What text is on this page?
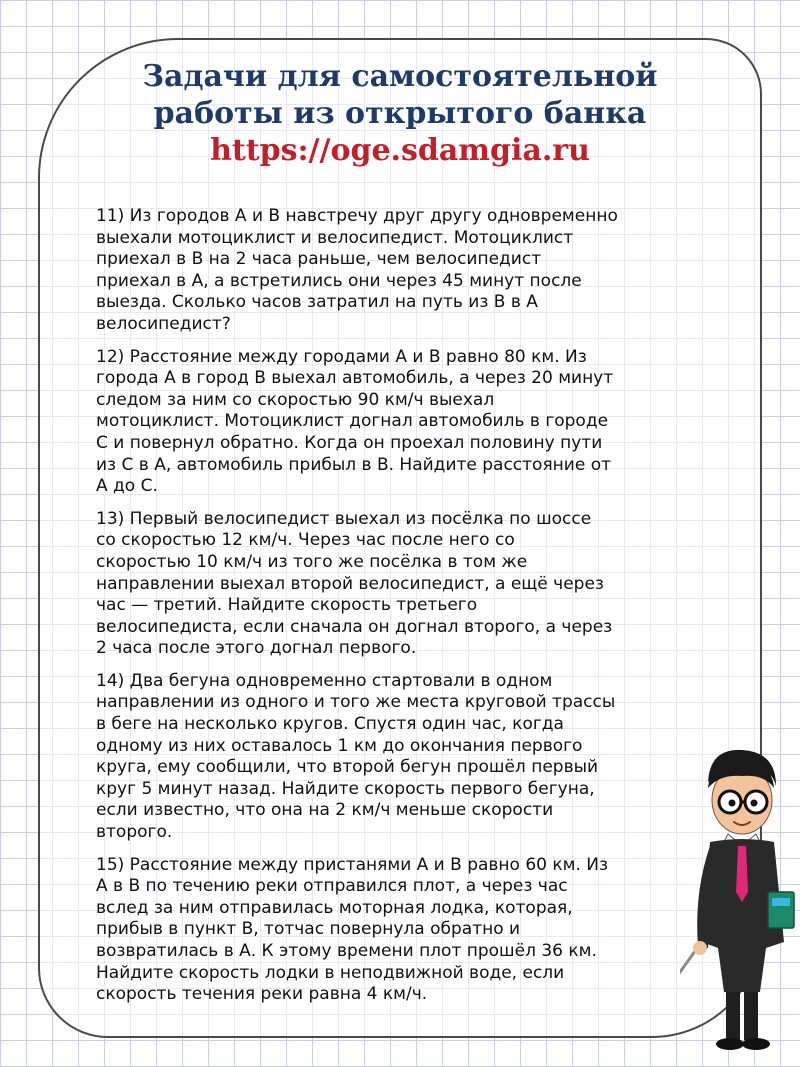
Задачи для самостоятельной
работы из открытого банка
https://oge.sdamgia.ru
11) Из городов А и В навстречу друг другу одновременно
выехали мотоциклист и велосипедист. Мотоциклист
приехал в В на 2 часа раньше, чем велосипедист
приехал в А, а встретились они через 45 минут после
выезда. Сколько часов затратил на путь из В в А
велосипедист?
12) Расстояние между городами А и В равно 80 км. Из
города А в город В выехал автомобиль, а через 20 минут
следом за ним со скоростью 90 км/ч выехал
мотоциклист. Мотоциклист догнал автомобиль в городе
С и повернул обратно. Когда он проехал половину пути
из С в А, автомобиль прибыл в В. Найдите расстояние от
А до С.
13) Первый велосипедист выехал из посёлка по шоссе
со скоростью 12 км/ч. Через час после него со
скоростью 10 км/ч из того же посёлка в том же
направлении выехал второй велосипедист, а ещё через
час — третий. Найдите скорость третьего
велосипедиста, если сначала он догнал второго, а через
2 часа после этого догнал первого.
14) Два бегуна одновременно стартовали в одном
направлении из одного и того же места круговой трассы
в беге на несколько кругов. Спустя один час, когда
одному из них оставалось 1 км до окончания первого
круга, ему сообщили, что второй бегун прошёл первый
круг 5 минут назад. Найдите скорость первого бегуна,
если известно, что она на 2 км/ч меньше скорости
второго.
15) Расстояние между пристанями А и В равно 60 км. Из
А в В по течению реки отправился плот, а через час
вслед за ним отправилась моторная лодка, которая,
прибыв в пункт В, тотчас повернула обратно и
возвратилась в А. К этому времени плот прошёл 36 км.
Найдите скорость лодки в неподвижной воде, если
скорость течения реки равна 4 км/ч.
